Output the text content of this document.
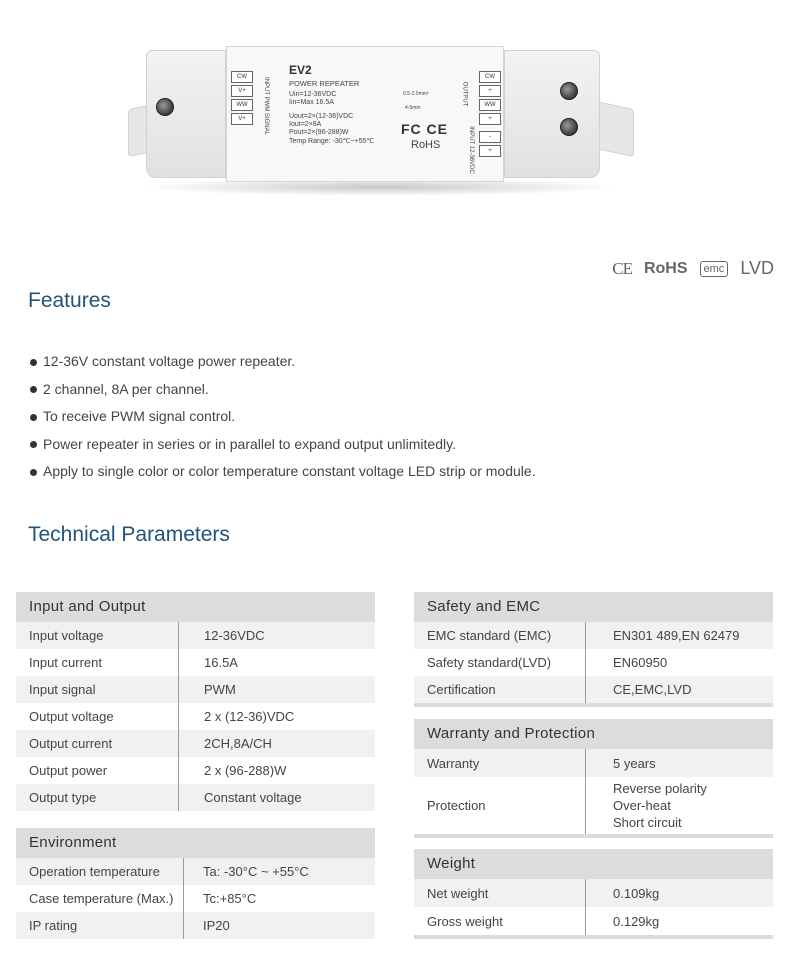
EV2
POWER REPEATER
Uin=12-36VDC
Iin=Max 16.5A
Uout=2×(12-36)VDC
Iout=2×8A
Pout=2×(96-288)W
Temp Range: -30℃~+55℃
0.5-2.0mm²
4-5mm
FC CE
RoHS
CW
V+
WW
V+	INPUT PWM SIGNAL
CW
+
WW
+
-
+
OUTPUT
INPUT 12-36VDC
CE RoHS	emc LVD
Features
12-36V constant voltage power repeater.
2 channel, 8A per channel.
To receive PWM signal control.
Power repeater in series or in parallel to expand output unlimitedly.
Apply to single color or color temperature constant voltage LED strip or module.
Technical Parameters
Input and Output
Input voltage	12-36VDC
Input current	16.5A
Input signal	PWM
Output voltage	2 x (12-36)VDC
Output current	2CH,8A/CH
Output power	2 x (96-288)W
Output type	Constant voltage
Environment
Operation temperature	Ta: -30°C ~ +55°C
Case temperature (Max.)	Tc:+85°C
IP rating	IP20
Safety and EMC
EMC standard (EMC)	EN301 489,EN 62479
Safety standard(LVD)	EN60950
Certification	CE,EMC,LVD
Warranty and Protection
Warranty	5 years
Protection
Reverse polarity
Over-heat
Short circuit
Weight
Net weight	0.109kg
Gross weight	0.129kg
